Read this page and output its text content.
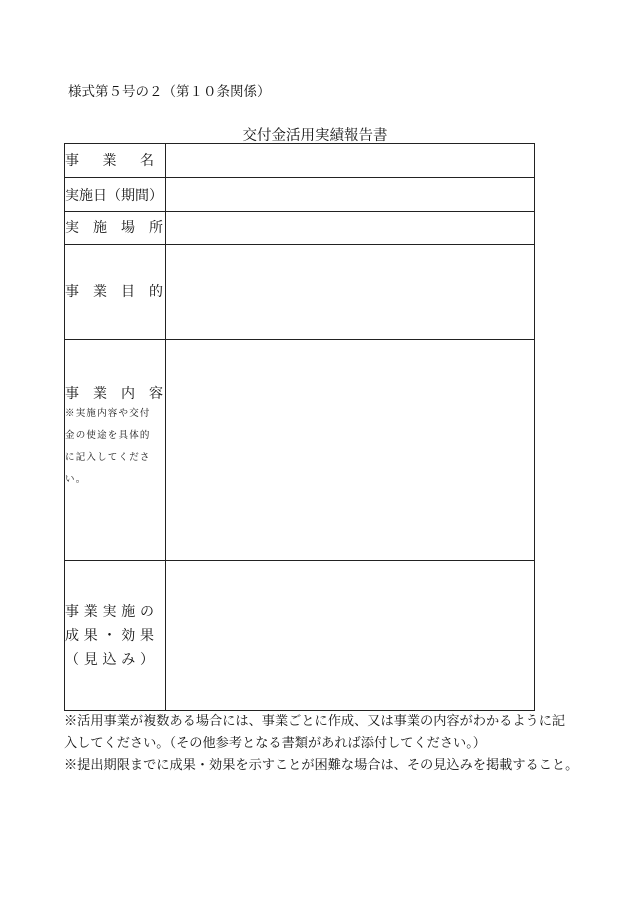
様式第５号の２（第１０条関係）
交付金活用実績報告書
事　業　名	

実施日（期間）	

実　施　場　所	

事　業　目　的	

事　業　内　容
※実施内容や交付金の使途を具体的に記入してください。	

事業実施の
成果・効果
（見込み）	

※活用事業が複数ある場合には、事業ごとに作成、又は事業の内容がわかるように記
入してください。（その他参考となる書類があれば添付してください。）
※提出期限までに成果・効果を示すことが困難な場合は、その見込みを掲載すること。
